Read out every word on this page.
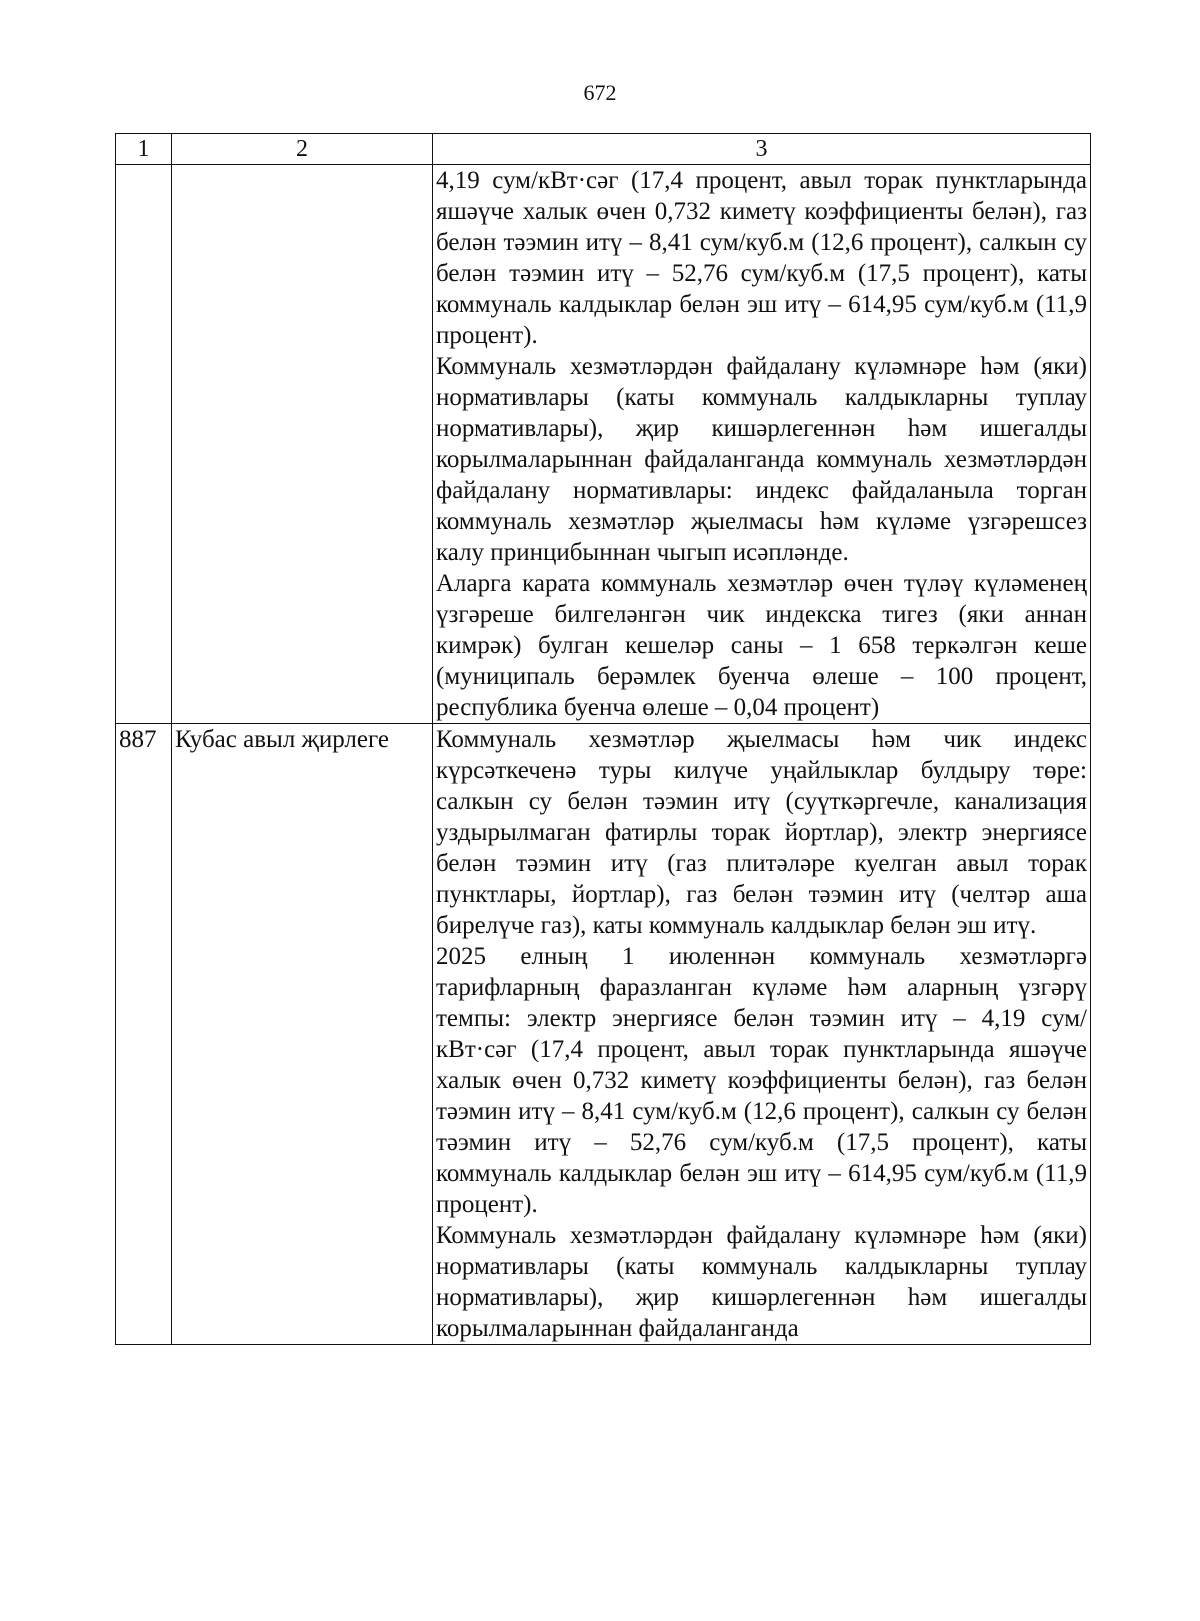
672
1	2	3

		4,19 сум/кВт·сәг (17,4 процент, авыл торак пунктларында яшәүче халык өчен 0,732 киметү коэффициенты белән), газ белән тәэмин итү – 8,41 сум/куб.м (12,6 процент), салкын су белән тәэмин итү – 52,76 сум/куб.м (17,5 процент), каты коммуналь калдыклар белән эш итү – 614,95 сум/куб.м (11,9 процент).

Коммуналь хезмәтләрдән файдалану күләмнәре һәм (яки) нормативлары (каты коммуналь калдыкларны туплау нормативлары), җир кишәрлегеннән һәм ишегалды корылмаларыннан файдаланганда коммуналь хезмәтләрдән файдалану нормативлары: индекс файдаланыла торган коммуналь хезмәтләр җыелмасы һәм күләме үзгәрешсез калу принцибыннан чыгып исәпләнде.

Аларга карата коммуналь хезмәтләр өчен түләү күләменең үзгәреше билгеләнгән чик индекска тигез (яки аннан кимрәк) булган кешеләр саны – 1 658 теркәлгән кеше (муниципаль берәмлек буенча өлеше – 100 процент, республика буенча өлеше – 0,04 процент)

887	Кубас авыл җирлеге	Коммуналь хезмәтләр җыелмасы һәм чик индекс күрсәткеченә туры килүче уңайлыклар булдыру төре: салкын су белән тәэмин итү (суүткәргечле, канализация уздырылмаган фатирлы торак йортлар), электр энергиясе белән тәэмин итү (газ плитәләре куелган авыл торак пунктлары, йортлар), газ белән тәэмин итү (челтәр аша бирелүче газ), каты коммуналь калдыклар белән эш итү.

2025 елның 1 июленнән коммуналь хезмәтләргә тарифларның фаразланган күләме һәм аларның үзгәрү темпы: электр энергиясе белән тәэмин итү – 4,19 сум/кВт·сәг (17,4 процент, авыл торак пунктларында яшәүче халык өчен 0,732 киметү коэффициенты белән), газ белән тәэмин итү – 8,41 сум/куб.м (12,6 процент), салкын су белән тәэмин итү – 52,76 сум/куб.м (17,5 процент), каты коммуналь калдыклар белән эш итү – 614,95 сум/куб.м (11,9 процент).

Коммуналь хезмәтләрдән файдалану күләмнәре һәм (яки) нормативлары (каты коммуналь калдыкларны туплау нормативлары), җир кишәрлегеннән һәм ишегалды корылмаларыннан файдаланганда
